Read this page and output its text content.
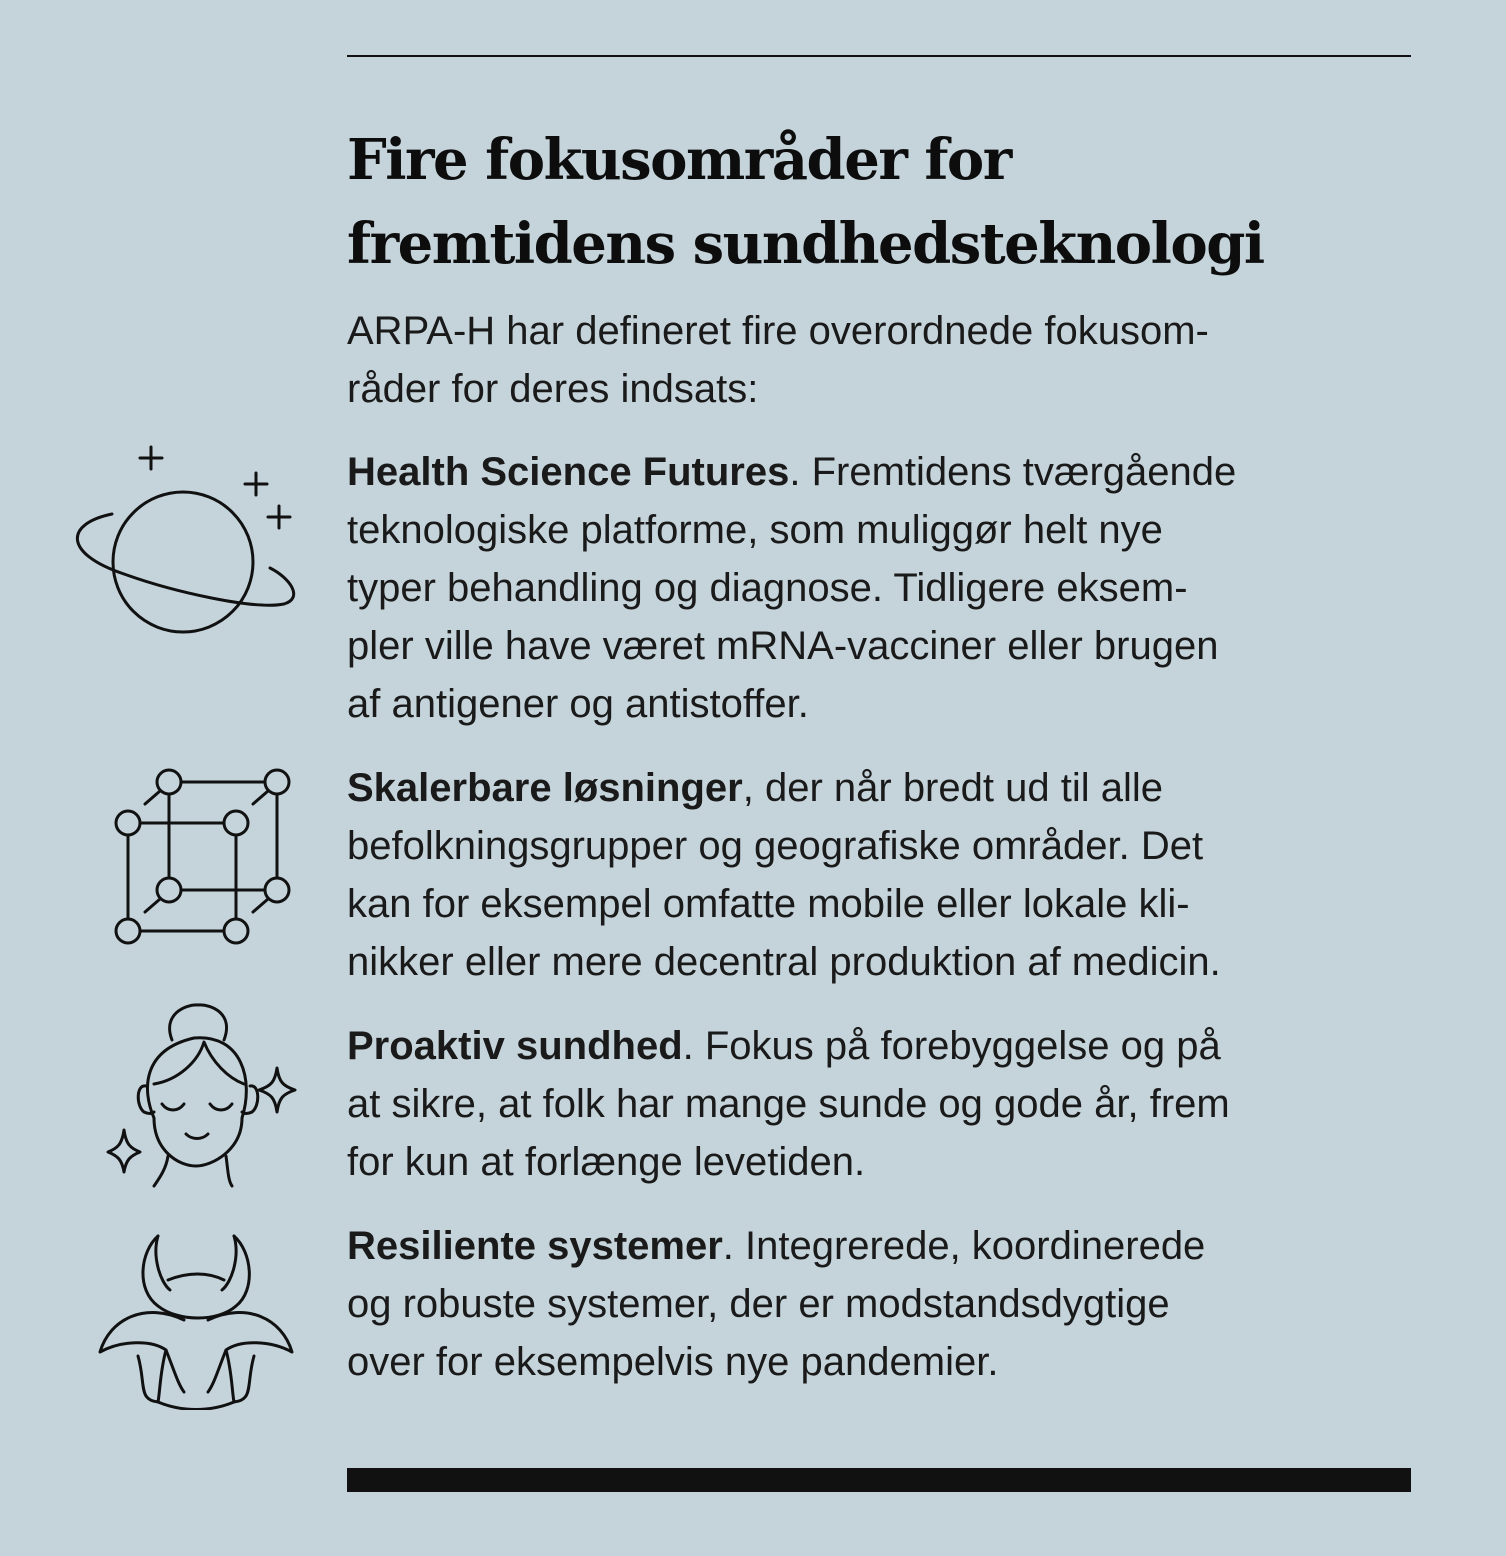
Fire fokusområder for
fremtidens sundhedsteknologi
ARPA-H har defineret fire overordnede fokusom-
råder for deres indsats:
Health Science Futures. Fremtidens tværgående
teknologiske platforme, som muliggør helt nye
typer behandling og diagnose. Tidligere eksem-
pler ville have været mRNA-vacciner eller brugen
af antigener og antistoffer.
Skalerbare løsninger, der når bredt ud til alle
befolkningsgrupper og geografiske områder. Det
kan for eksempel omfatte mobile eller lokale kli-
nikker eller mere decentral produktion af medicin.
Proaktiv sundhed. Fokus på forebyggelse og på
at sikre, at folk har mange sunde og gode år, frem
for kun at forlænge levetiden.
Resiliente systemer. Integrerede, koordinerede
og robuste systemer, der er modstandsdygtige
over for eksempelvis nye pandemier.
